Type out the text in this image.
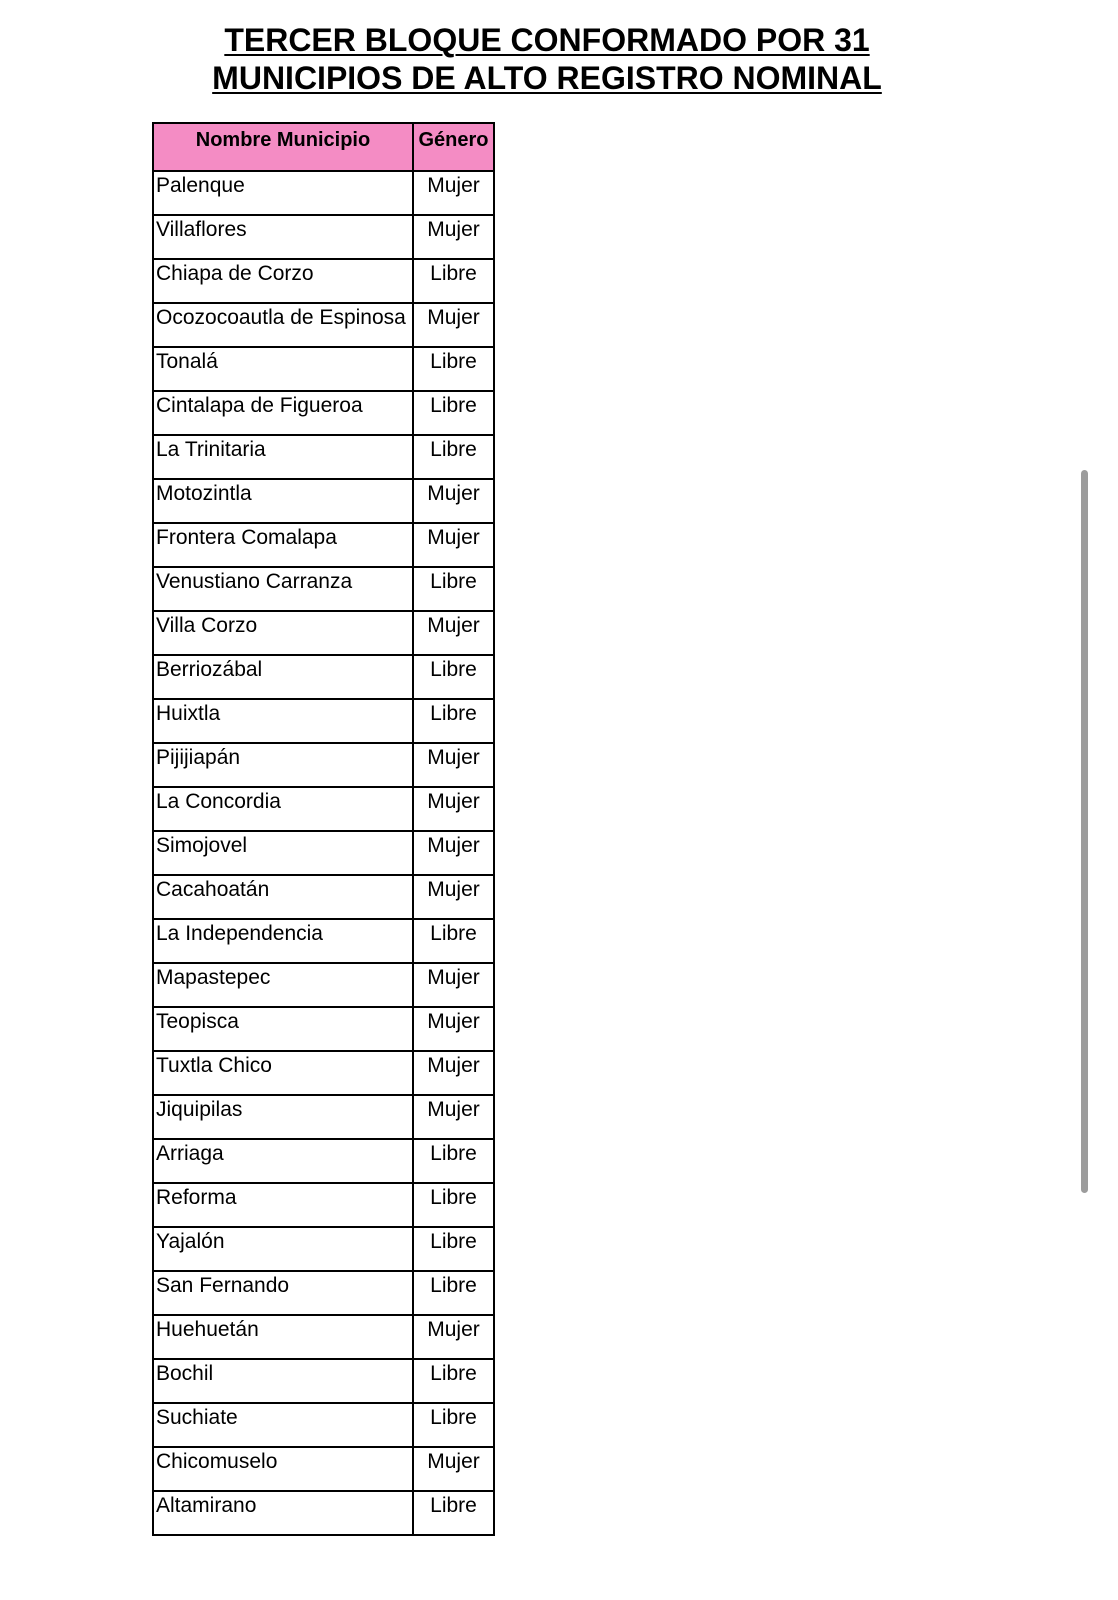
TERCER BLOQUE CONFORMADO POR 31
MUNICIPIOS DE ALTO REGISTRO NOMINAL
Nombre Municipio	Género
Palenque	Mujer
Villaflores	Mujer
Chiapa de Corzo	Libre
Ocozocoautla de Espinosa	Mujer
Tonalá	Libre
Cintalapa de Figueroa	Libre
La Trinitaria	Libre
Motozintla	Mujer
Frontera Comalapa	Mujer
Venustiano Carranza	Libre
Villa Corzo	Mujer
Berriozábal	Libre
Huixtla	Libre
Pijijiapán	Mujer
La Concordia	Mujer
Simojovel	Mujer
Cacahoatán	Mujer
La Independencia	Libre
Mapastepec	Mujer
Teopisca	Mujer
Tuxtla Chico	Mujer
Jiquipilas	Mujer
Arriaga	Libre
Reforma	Libre
Yajalón	Libre
San Fernando	Libre
Huehuetán	Mujer
Bochil	Libre
Suchiate	Libre
Chicomuselo	Mujer
Altamirano	Libre
